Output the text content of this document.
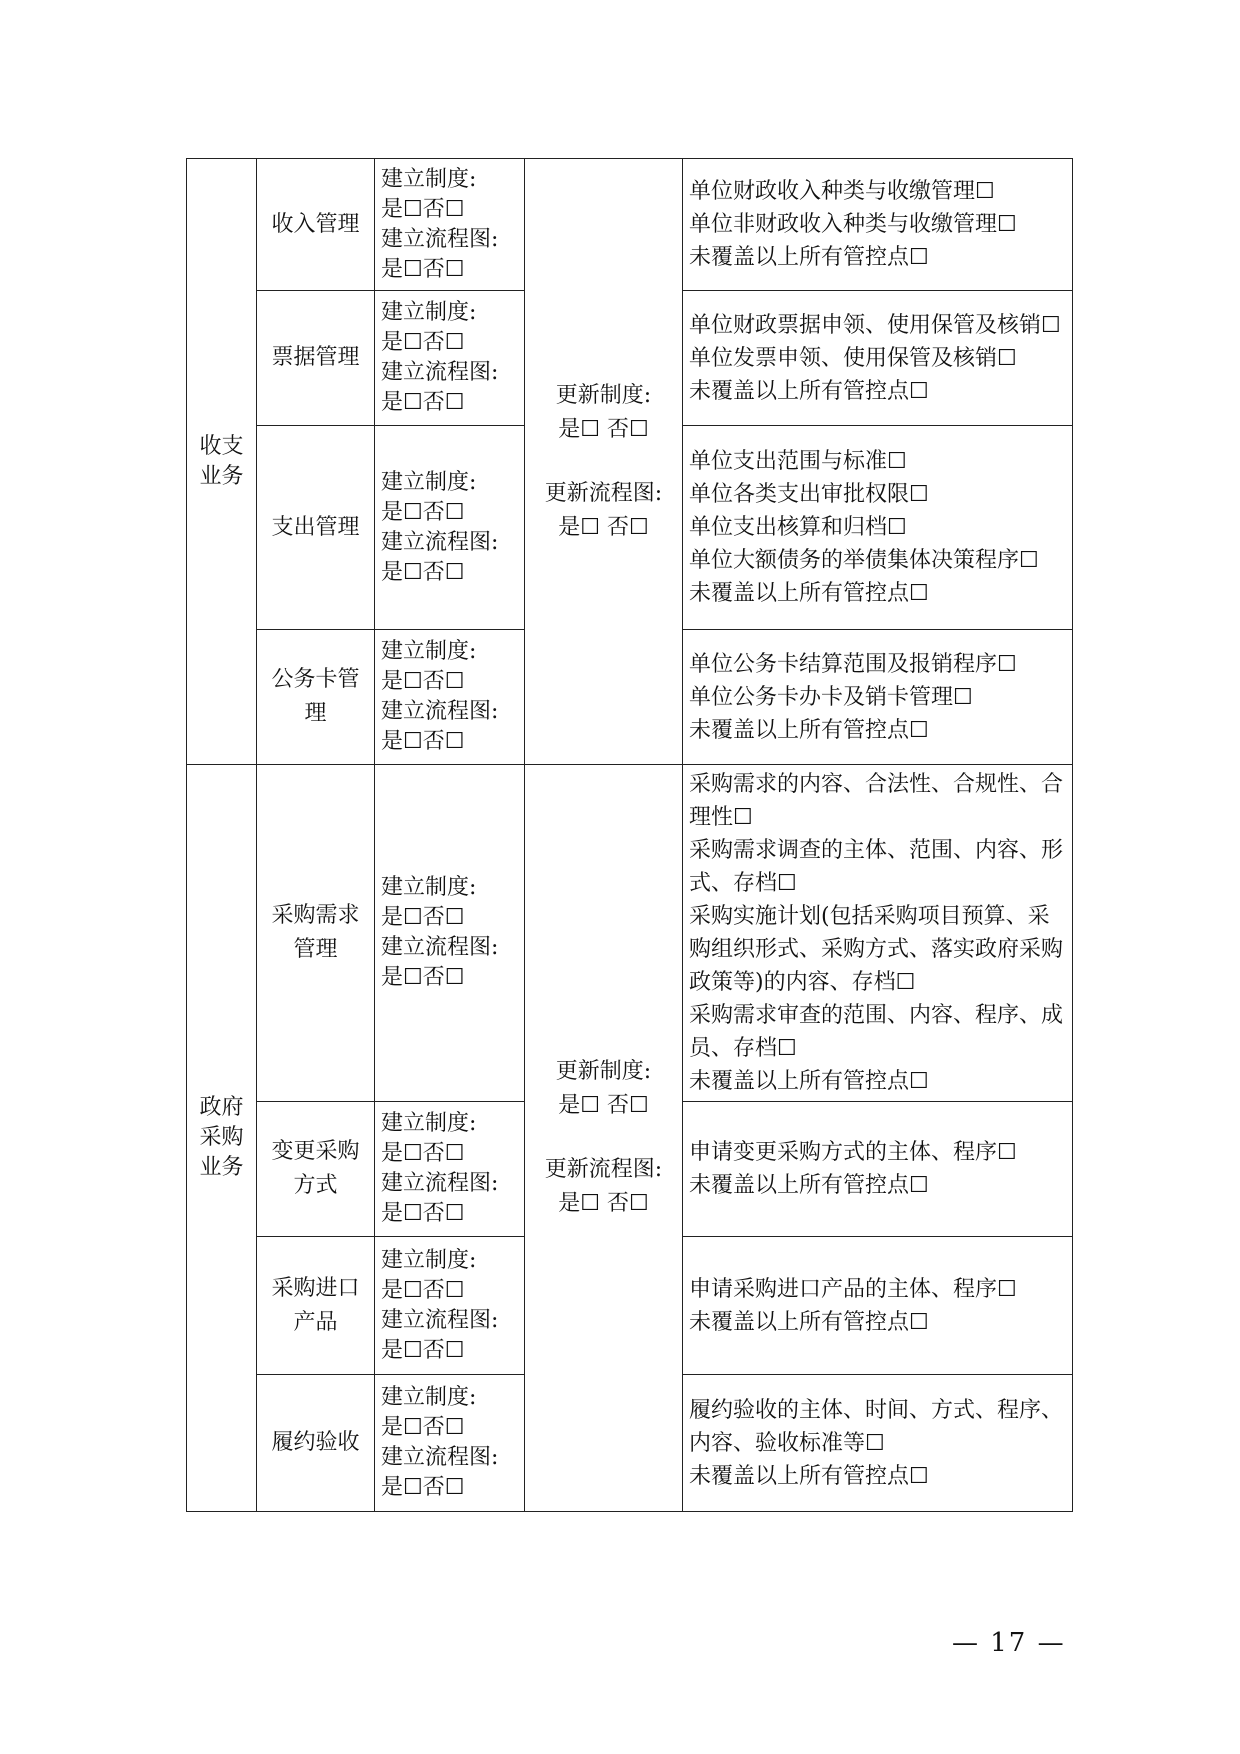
收支
业务	收入管理	建立制度:
是☐否☐
建立流程图:
是☐否☐	更新制度:
是☐ 否☐
更新流程图:
是☐ 否☐	单位财政收入种类与收缴管理☐
单位非财政收入种类与收缴管理☐
未覆盖以上所有管控点☐

	票据管理	建立制度:
是☐否☐
建立流程图:
是☐否☐		单位财政票据申领、使用保管及核销☐
单位发票申领、使用保管及核销☐
未覆盖以上所有管控点☐

	支出管理	建立制度:
是☐否☐
建立流程图:
是☐否☐		单位支出范围与标准☐
单位各类支出审批权限☐
单位支出核算和归档☐
单位大额债务的举债集体决策程序☐
未覆盖以上所有管控点☐

	公务卡管
理	建立制度:
是☐否☐
建立流程图:
是☐否☐		单位公务卡结算范围及报销程序☐
单位公务卡办卡及销卡管理☐
未覆盖以上所有管控点☐

政府
采购
业务	采购需求
管理	建立制度:
是☐否☐
建立流程图:
是☐否☐	更新制度:
是☐ 否☐
更新流程图:
是☐ 否☐	采购需求的内容、合法性、合规性、合理性☐
采购需求调查的主体、范围、内容、形式、存档☐
采购实施计划(包括采购项目预算、采购组织形式、采购方式、落实政府采购政策等)的内容、存档☐
采购需求审查的范围、内容、程序、成员、存档☐
未覆盖以上所有管控点☐

	变更采购
方式	建立制度:
是☐否☐
建立流程图:
是☐否☐		申请变更采购方式的主体、程序☐
未覆盖以上所有管控点☐

	采购进口
产品	建立制度:
是☐否☐
建立流程图:
是☐否☐		申请采购进口产品的主体、程序☐
未覆盖以上所有管控点☐

	履约验收	建立制度:
是☐否☐
建立流程图:
是☐否☐		履约验收的主体、时间、方式、程序、内容、验收标准等☐
未覆盖以上所有管控点☐
— 17 —
